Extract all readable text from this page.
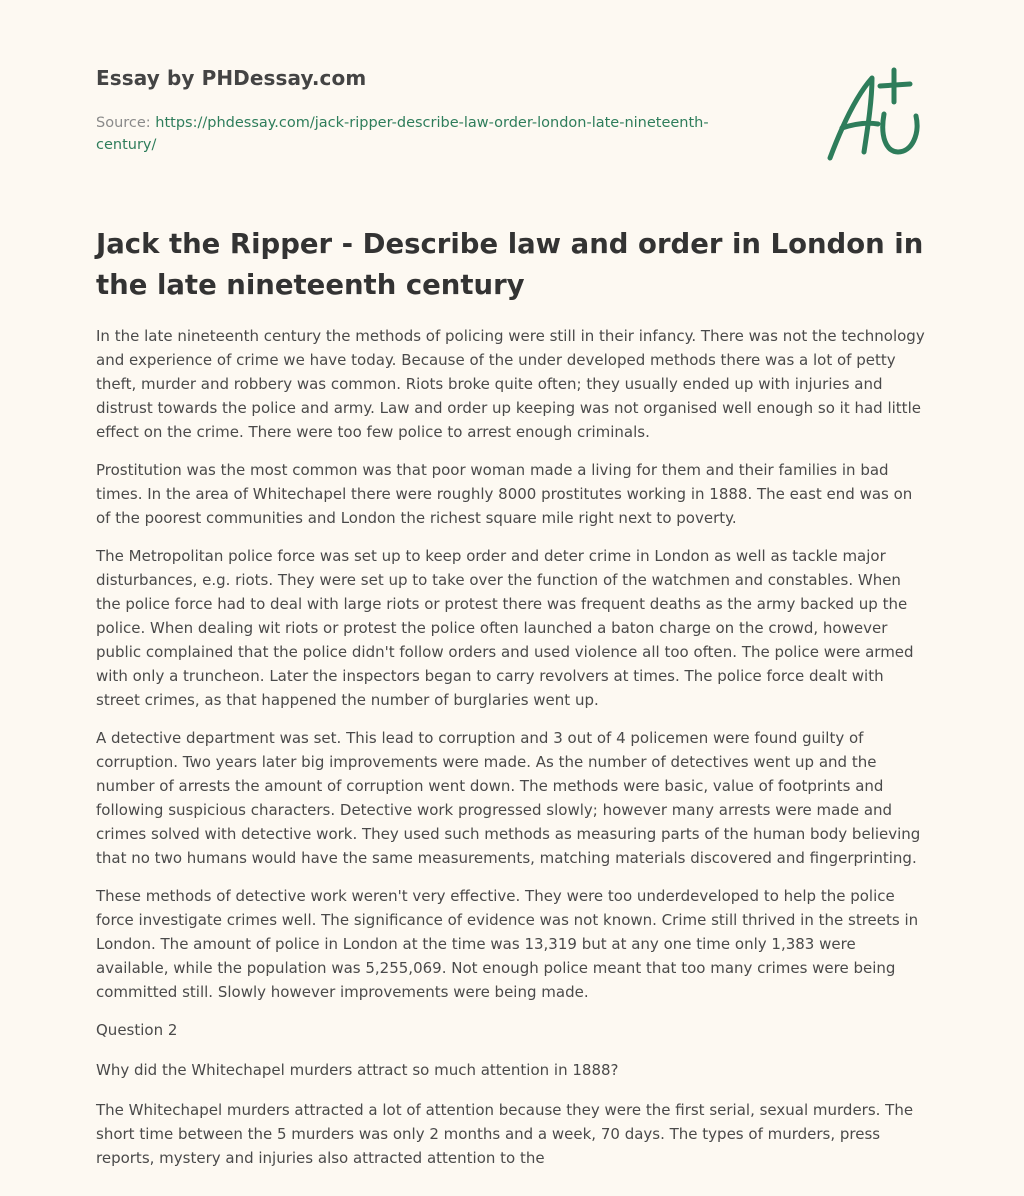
Essay by PHDessay.com
Source: https://phdessay.com/jack-ripper-describe-law-order-london-late-nineteenth-century/
Jack the Ripper - Describe law and order in London in the late nineteenth century

In the late nineteenth century the methods of policing were still in their infancy. There was not the technology and experience of crime we have today. Because of the under developed methods there was a lot of petty theft, murder and robbery was common. Riots broke quite often; they usually ended up with injuries and distrust towards the police and army. Law and order up keeping was not organised well enough so it had little effect on the crime. There were too few police to arrest enough criminals.

Prostitution was the most common was that poor woman made a living for them and their families in bad times. In the area of Whitechapel there were roughly 8000 prostitutes working in 1888. The east end was on of the poorest communities and London the richest square mile right next to poverty.

The Metropolitan police force was set up to keep order and deter crime in London as well as tackle major disturbances, e.g. riots. They were set up to take over the function of the watchmen and constables. When the police force had to deal with large riots or protest there was frequent deaths as the army backed up the police. When dealing wit riots or protest the police often launched a baton charge on the crowd, however public complained that the police didn't follow orders and used violence all too often. The police were armed with only a truncheon. Later the inspectors began to carry revolvers at times. The police force dealt with street crimes, as that happened the number of burglaries went up.

A detective department was set. This lead to corruption and 3 out of 4 policemen were found guilty of corruption. Two years later big improvements were made. As the number of detectives went up and the number of arrests the amount of corruption went down. The methods were basic, value of footprints and following suspicious characters. Detective work progressed slowly; however many arrests were made and crimes solved with detective work. They used such methods as measuring parts of the human body believing that no two humans would have the same measurements, matching materials discovered and fingerprinting.

These methods of detective work weren't very effective. They were too underdeveloped to help the police force investigate crimes well. The significance of evidence was not known. Crime still thrived in the streets in London. The amount of police in London at the time was 13,319 but at any one time only 1,383 were available, while the population was 5,255,069. Not enough police meant that too many crimes were being committed still. Slowly however improvements were being made.

Question 2

Why did the Whitechapel murders attract so much attention in 1888?

The Whitechapel murders attracted a lot of attention because they were the first serial, sexual murders. The short time between the 5 murders was only 2 months and a week, 70 days. The types of murders, press reports, mystery and injuries also attracted attention to the
